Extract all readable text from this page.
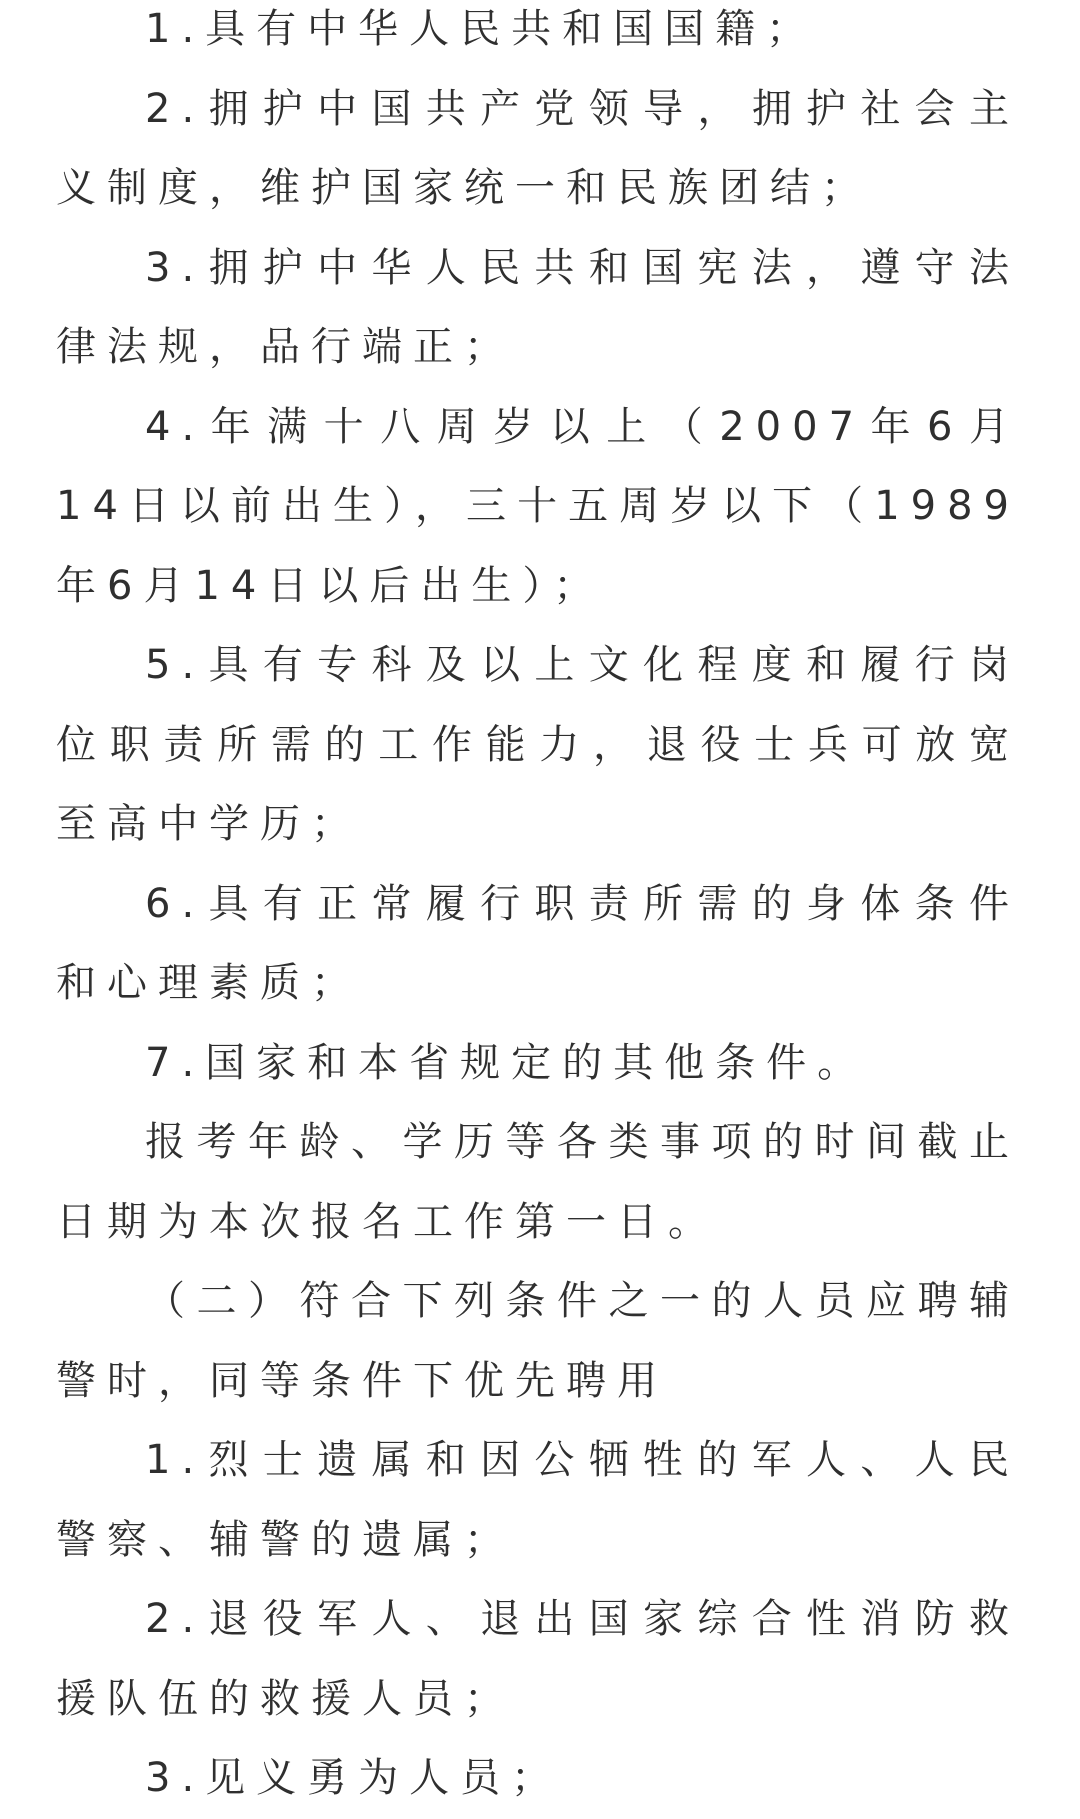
1.具有中华人民共和国国籍；

2.拥护中国共产党领导，拥护社会主义制度，维护国家统一和民族团结；

3.拥护中华人民共和国宪法，遵守法律法规，品行端正；

4.年满十八周岁以上（2007年6月14日以前出生），三十五周岁以下（1989年6月14日以后出生）；

5.具有专科及以上文化程度和履行岗位职责所需的工作能力，退役士兵可放宽至高中学历；

6.具有正常履行职责所需的身体条件和心理素质；

7.国家和本省规定的其他条件。

报考年龄、学历等各类事项的时间截止日期为本次报名工作第一日。

（二）符合下列条件之一的人员应聘辅警时，同等条件下优先聘用

1.烈士遗属和因公牺牲的军人、人民警察、辅警的遗属；

2.退役军人、退出国家综合性消防救援队伍的救援人员；

3.见义勇为人员；
